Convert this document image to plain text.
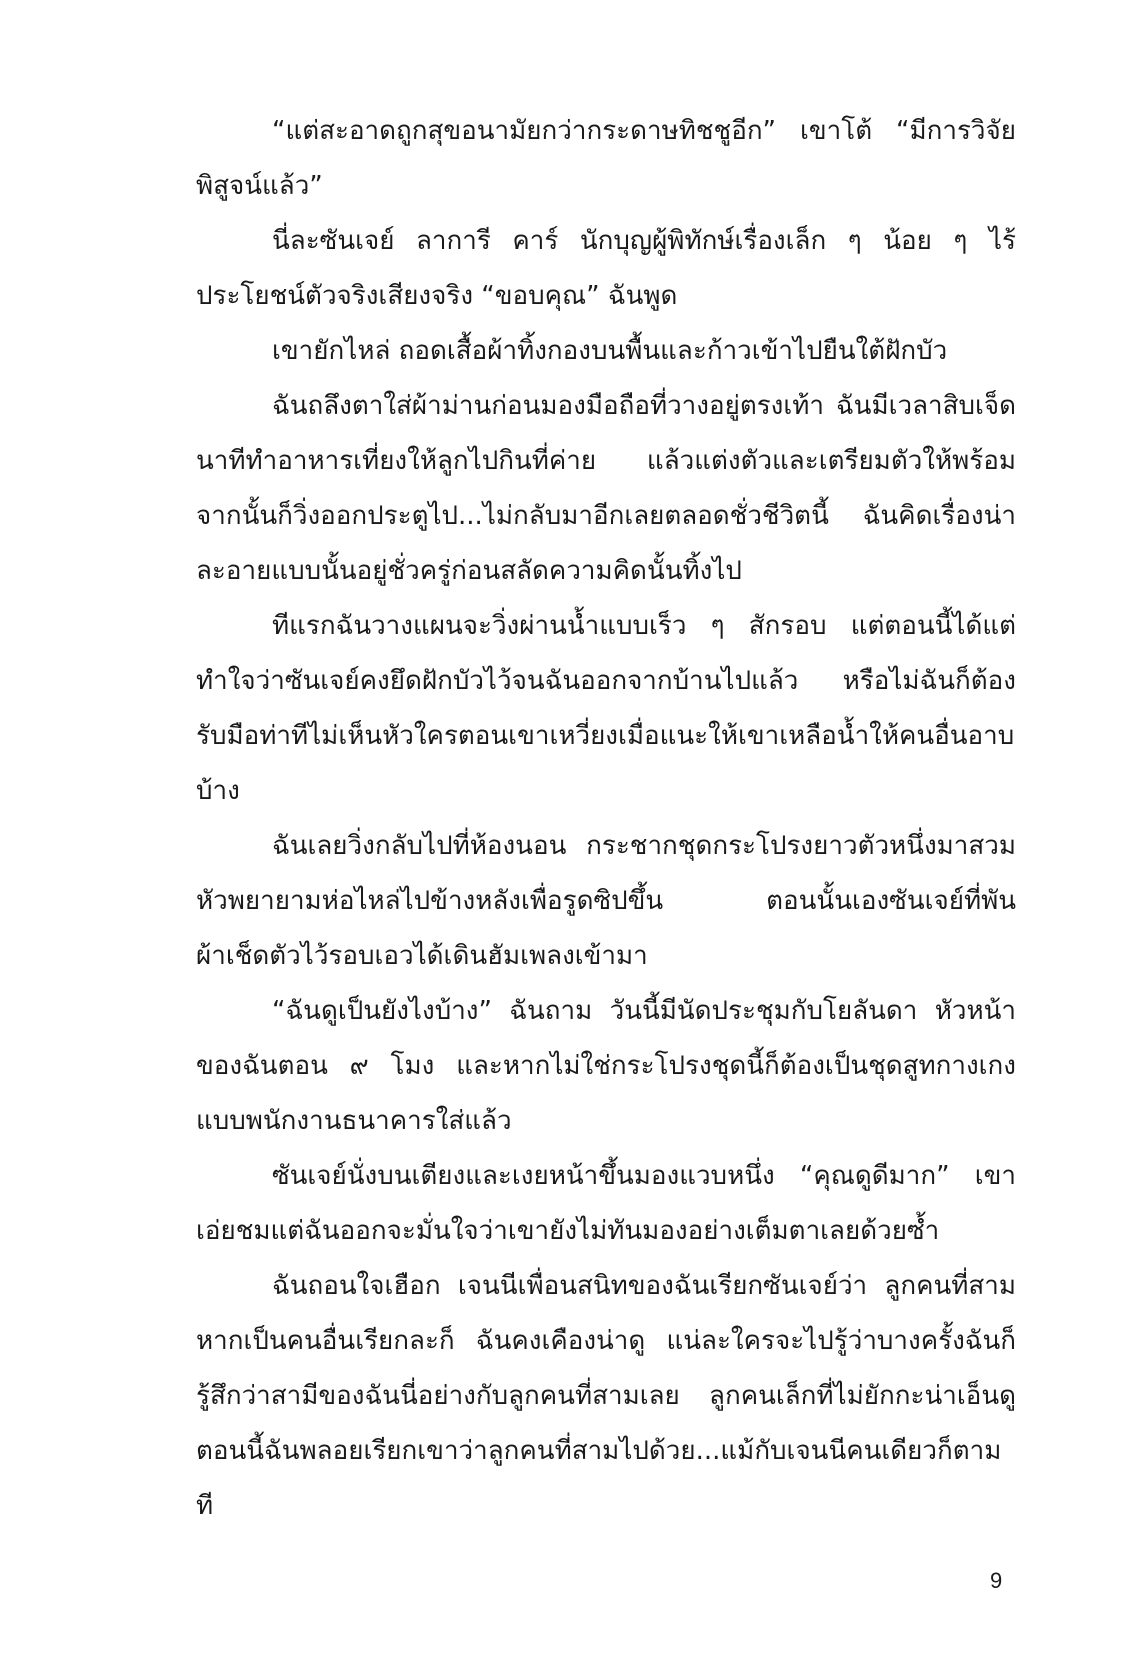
“แต่สะอาดถูกสุขอนามัยกว่ากระดาษทิชชูอีก” เขาโต้ “มีการวิจัยพิสูจน์แล้ว”

นี่ละซันเจย์ ลาการี คาร์ นักบุญผู้พิทักษ์เรื่องเล็ก ๆ น้อย ๆ ไร้ประโยชน์ตัวจริงเสียงจริง “ขอบคุณ” ฉันพูด

เขายักไหล่ ถอดเสื้อผ้าทิ้งกองบนพื้นและก้าวเข้าไปยืนใต้ฝักบัว

ฉันถลึงตาใส่ผ้าม่านก่อนมองมือถือที่วางอยู่ตรงเท้า ฉันมีเวลาสิบเจ็ดนาทีทำอาหารเที่ยงให้ลูกไปกินที่ค่าย แล้วแต่งตัวและเตรียมตัวให้พร้อม จากนั้นก็วิ่งออกประตูไป...ไม่กลับมาอีกเลยตลอดชั่วชีวิตนี้ ฉันคิดเรื่องน่าละอายแบบนั้นอยู่ชั่วครู่ก่อนสลัดความคิดนั้นทิ้งไป

ทีแรกฉันวางแผนจะวิ่งผ่านน้ำแบบเร็ว ๆ สักรอบ แต่ตอนนี้ได้แต่ทำใจว่าซันเจย์คงยึดฝักบัวไว้จนฉันออกจากบ้านไปแล้ว หรือไม่ฉันก็ต้องรับมือท่าทีไม่เห็นหัวใครตอนเขาเหวี่ยงเมื่อแนะให้เขาเหลือน้ำให้คนอื่นอาบบ้าง

ฉันเลยวิ่งกลับไปที่ห้องนอน กระชากชุดกระโปรงยาวตัวหนึ่งมาสวมหัวพยายามห่อไหล่ไปข้างหลังเพื่อรูดซิปขึ้น ตอนนั้นเองซันเจย์ที่พันผ้าเช็ดตัวไว้รอบเอวได้เดินฮัมเพลงเข้ามา

“ฉันดูเป็นยังไงบ้าง” ฉันถาม วันนี้มีนัดประชุมกับโยลันดา หัวหน้าของฉันตอน ๙ โมง และหากไม่ใช่กระโปรงชุดนี้ก็ต้องเป็นชุดสูทกางเกงแบบพนักงานธนาคารใส่แล้ว

ซันเจย์นั่งบนเตียงและเงยหน้าขึ้นมองแวบหนึ่ง “คุณดูดีมาก” เขาเอ่ยชมแต่ฉันออกจะมั่นใจว่าเขายังไม่ทันมองอย่างเต็มตาเลยด้วยซ้ำ

ฉันถอนใจเฮือก เจนนีเพื่อนสนิทของฉันเรียกซันเจย์ว่า ลูกคนที่สาม หากเป็นคนอื่นเรียกละก็ ฉันคงเคืองน่าดู แน่ละใครจะไปรู้ว่าบางครั้งฉันก็รู้สึกว่าสามีของฉันนี่อย่างกับลูกคนที่สามเลย ลูกคนเล็กที่ไม่ยักกะน่าเอ็นดู ตอนนี้ฉันพลอยเรียกเขาว่าลูกคนที่สามไปด้วย...แม้กับเจนนีคนเดียวก็ตามที

9
